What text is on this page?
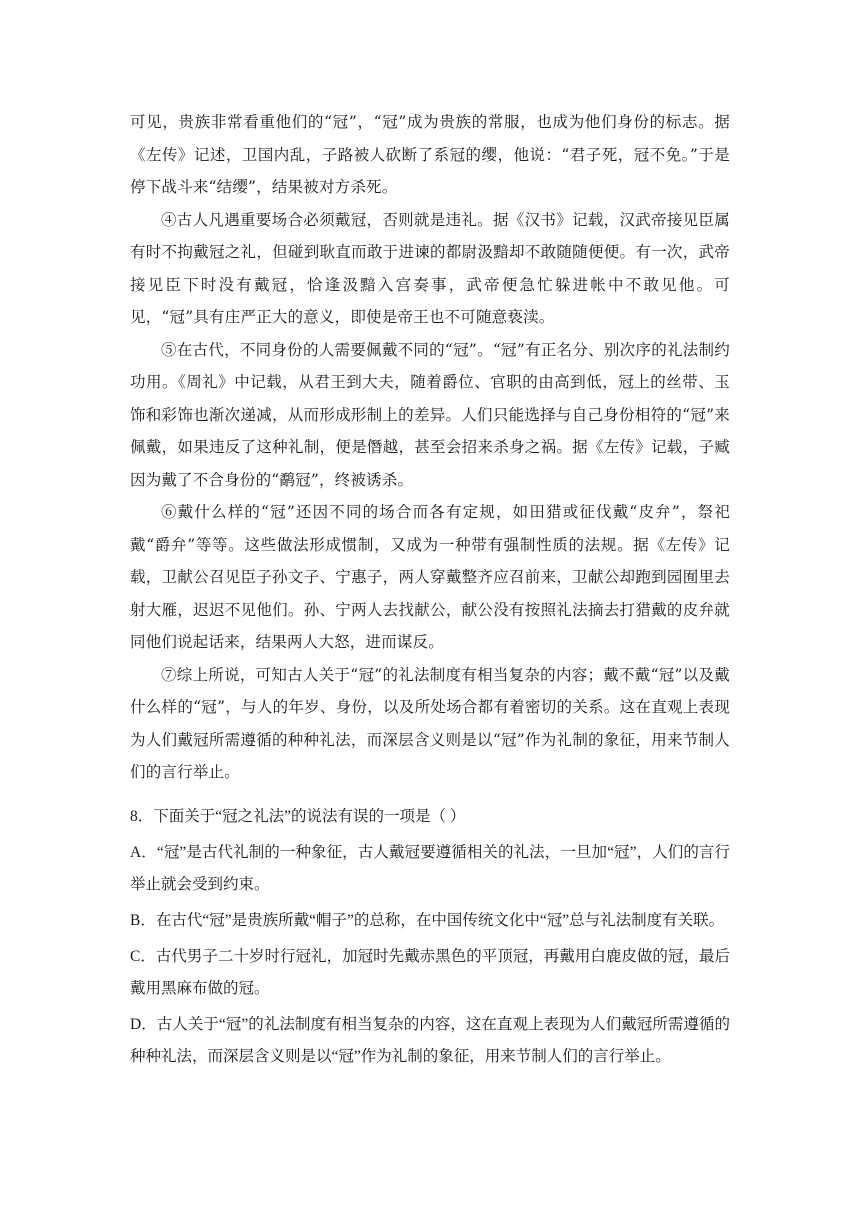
可见，贵族非常看重他们的“冠”，“冠”成为贵族的常服，也成为他们身份的标志。据《左传》记述，卫国内乱，子路被人砍断了系冠的缨，他说：“君子死，冠不免。”于是停下战斗来“结缨”，结果被对方杀死。

④古人凡遇重要场合必须戴冠，否则就是违礼。据《汉书》记载，汉武帝接见臣属有时不拘戴冠之礼，但碰到耿直而敢于进谏的都尉汲黯却不敢随随便便。有一次，武帝接见臣下时没有戴冠，恰逢汲黯入宫奏事，武帝便急忙躲进帐中不敢见他。可见，“冠”具有庄严正大的意义，即使是帝王也不可随意亵渎。

⑤在古代，不同身份的人需要佩戴不同的“冠”。“冠”有正名分、别次序的礼法制约功用。《周礼》中记载，从君王到大夫，随着爵位、官职的由高到低，冠上的丝带、玉饰和彩饰也渐次递减，从而形成形制上的差异。人们只能选择与自己身份相符的“冠”来佩戴，如果违反了这种礼制，便是僭越，甚至会招来杀身之祸。据《左传》记载，子臧因为戴了不合身份的“鹬冠”，终被诱杀。

⑥戴什么样的“冠”还因不同的场合而各有定规，如田猎或征伐戴“皮弁”，祭祀戴“爵弁”等等。这些做法形成惯制，又成为一种带有强制性质的法规。据《左传》记载，卫献公召见臣子孙文子、宁惠子，两人穿戴整齐应召前来，卫献公却跑到园囿里去射大雁，迟迟不见他们。孙、宁两人去找献公，献公没有按照礼法摘去打猎戴的皮弁就同他们说起话来，结果两人大怒，进而谋反。

⑦综上所说，可知古人关于“冠”的礼法制度有相当复杂的内容；戴不戴“冠”以及戴什么样的“冠”，与人的年岁、身份，以及所处场合都有着密切的关系。这在直观上表现为人们戴冠所需遵循的种种礼法，而深层含义则是以“冠”作为礼制的象征，用来节制人们的言行举止。

8．下面关于“冠之礼法”的说法有误的一项是（ ）

A．“冠”是古代礼制的一种象征，古人戴冠要遵循相关的礼法，一旦加“冠”，人们的言行举止就会受到约束。

B．在古代“冠”是贵族所戴“帽子”的总称，在中国传统文化中“冠”总与礼法制度有关联。

C．古代男子二十岁时行冠礼，加冠时先戴赤黑色的平顶冠，再戴用白鹿皮做的冠，最后戴用黑麻布做的冠。

D．古人关于“冠”的礼法制度有相当复杂的内容，这在直观上表现为人们戴冠所需遵循的种种礼法，而深层含义则是以“冠”作为礼制的象征，用来节制人们的言行举止。
